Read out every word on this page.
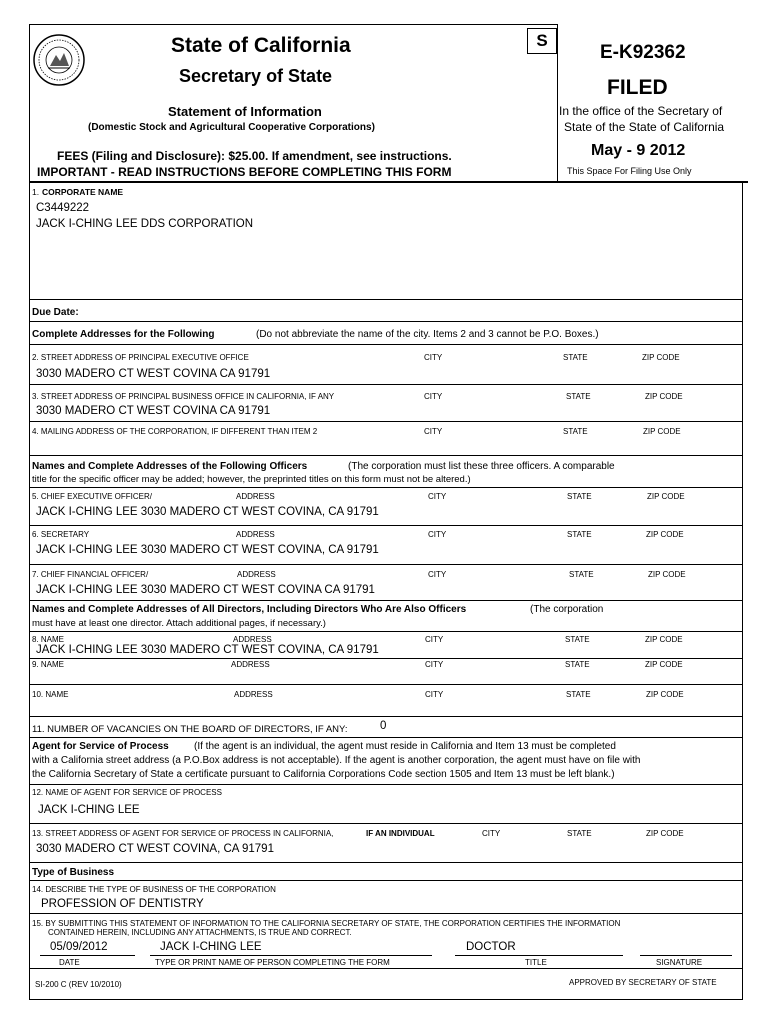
State of California
Secretary of State
Statement of Information
(Domestic Stock and Agricultural Cooperative Corporations)
FEES (Filing and Disclosure): $25.00. If amendment, see instructions.
IMPORTANT - READ INSTRUCTIONS BEFORE COMPLETING THIS FORM
S
E-K92362
FILED
In the office of the Secretary of
State of the State of California
May - 9 2012
This Space For Filing Use Only
1. CORPORATE NAME
C3449222
JACK I-CHING LEE DDS CORPORATION
Due Date:
Complete Addresses for the Following	(Do not abbreviate the name of the city. Items 2 and 3 cannot be P.O. Boxes.)
2. STREET ADDRESS OF PRINCIPAL EXECUTIVE OFFICE	CITY	STATE	ZIP CODE
3030 MADERO CT WEST COVINA CA 91791
3. STREET ADDRESS OF PRINCIPAL BUSINESS OFFICE IN CALIFORNIA, IF ANY	CITY	STATE	ZIP CODE
3030 MADERO CT WEST COVINA CA 91791
4. MAILING ADDRESS OF THE CORPORATION, IF DIFFERENT THAN ITEM 2	CITY	STATE	ZIP CODE
Names and Complete Addresses of the Following Officers	(The corporation must list these three officers. A comparable
title for the specific officer may be added; however, the preprinted titles on this form must not be altered.)
5. CHIEF EXECUTIVE OFFICER/	ADDRESS	CITY	STATE	ZIP CODE
JACK I-CHING LEE 3030 MADERO CT WEST COVINA, CA 91791
6. SECRETARY	ADDRESS	CITY	STATE	ZIP CODE
JACK I-CHING LEE 3030 MADERO CT WEST COVINA, CA 91791
7. CHIEF FINANCIAL OFFICER/	ADDRESS	CITY	STATE	ZIP CODE
JACK I-CHING LEE 3030 MADERO CT WEST COVINA CA 91791
Names and Complete Addresses of All Directors, Including Directors Who Are Also Officers	(The corporation
must have at least one director. Attach additional pages, if necessary.)
8. NAME	ADDRESS	CITY	STATE	ZIP CODE
JACK I-CHING LEE 3030 MADERO CT WEST COVINA, CA 91791
9. NAME	ADDRESS	CITY	STATE	ZIP CODE
10. NAME	ADDRESS	CITY	STATE	ZIP CODE
11. NUMBER OF VACANCIES ON THE BOARD OF DIRECTORS, IF ANY:	0
Agent for Service of Process	(If the agent is an individual, the agent must reside in California and Item 13 must be completed
with a California street address (a P.O.Box address is not acceptable). If the agent is another corporation, the agent must have on file with
the California Secretary of State a certificate pursuant to California Corporations Code section 1505 and Item 13 must be left blank.)
12. NAME OF AGENT FOR SERVICE OF PROCESS
JACK I-CHING LEE
13. STREET ADDRESS OF AGENT FOR SERVICE OF PROCESS IN CALIFORNIA,	IF AN INDIVIDUAL	CITY	STATE	ZIP CODE
3030 MADERO CT WEST COVINA, CA 91791
Type of Business
14. DESCRIBE THE TYPE OF BUSINESS OF THE CORPORATION
PROFESSION OF DENTISTRY
15. BY SUBMITTING THIS STATEMENT OF INFORMATION TO THE CALIFORNIA SECRETARY OF STATE, THE CORPORATION CERTIFIES THE INFORMATION
CONTAINED HEREIN, INCLUDING ANY ATTACHMENTS, IS TRUE AND CORRECT.
05/09/2012	JACK I-CHING LEE	DOCTOR
DATE	TYPE OR PRINT NAME OF PERSON COMPLETING THE FORM	TITLE	SIGNATURE
SI-200 C (REV 10/2010)	APPROVED BY SECRETARY OF STATE
